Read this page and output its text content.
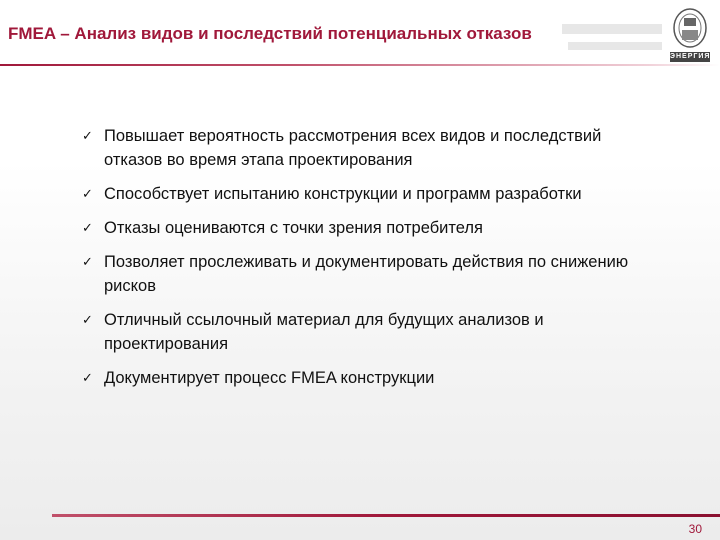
FMEA – Анализ видов и последствий потенциальных отказов
ЭНЕРГИЯ
✓ Повышает вероятность рассмотрения всех видов и последствий отказов во время этапа проектирования
✓ Способствует испытанию конструкции и программ разработки
✓ Отказы оцениваются с точки зрения потребителя
✓ Позволяет прослеживать и документировать действия по снижению рисков
✓ Отличный ссылочный материал для будущих анализов и проектирования
✓ Документирует процесс FMEA конструкции
30
